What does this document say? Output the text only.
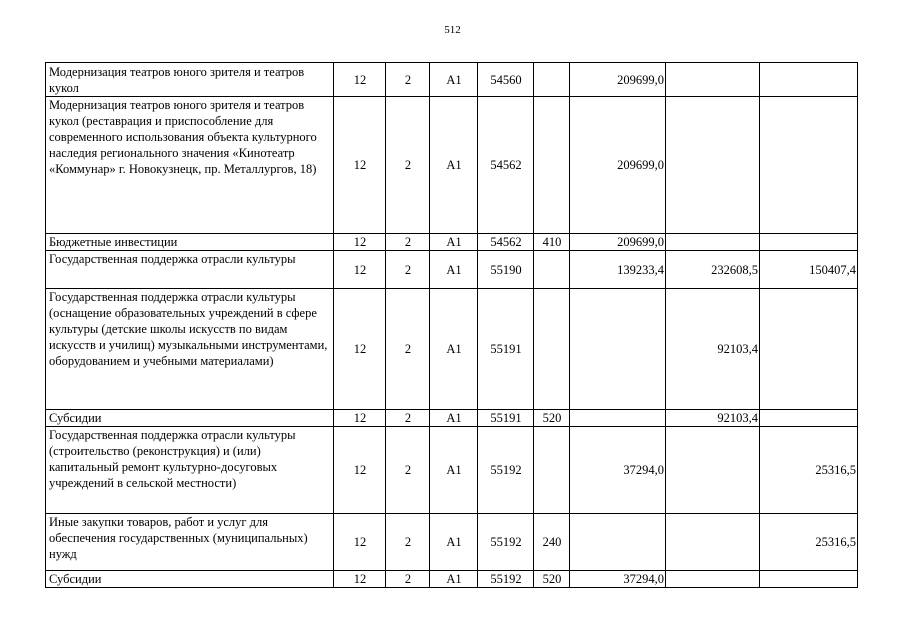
512
Модернизация театров юного зрителя и театров кукол	12	2	А1	54560		209699,0		
Модернизация театров юного зрителя и театров кукол (реставрация и приспособление для современного использования объекта культурного наследия регионального значения «Кинотеатр «Коммунар» г. Новокузнецк, пр. Металлургов, 18)	12	2	А1	54562		209699,0		
Бюджетные инвестиции	12	2	А1	54562	410	209699,0		
Государственная поддержка отрасли культуры	12	2	А1	55190		139233,4	232608,5	150407,4
Государственная поддержка отрасли культуры (оснащение образовательных учреждений в сфере культуры (детские школы искусств по видам искусств и училищ) музыкальными инструментами, оборудованием и учебными материалами)	12	2	А1	55191			92103,4	
Субсидии	12	2	А1	55191	520		92103,4	
Государственная поддержка отрасли культуры (строительство (реконструкция) и (или) капитальный ремонт культурно-досуговых учреждений в сельской местности)	12	2	А1	55192		37294,0		25316,5
Иные закупки товаров, работ и услуг для обеспечения государственных (муниципальных) нужд	12	2	А1	55192	240			25316,5
Субсидии	12	2	А1	55192	520	37294,0		
